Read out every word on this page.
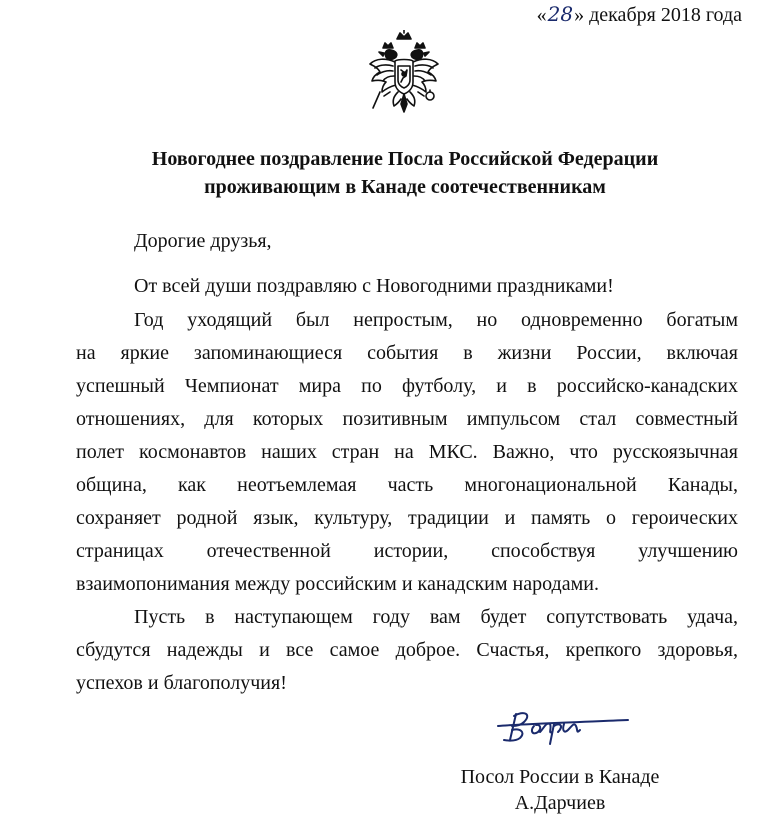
«28» декабря 2018 года
Новогоднее поздравление Посла Российской Федерации
проживающим в Канаде соотечественникам
Дорогие друзья,
От всей души поздравляю с Новогодними праздниками!
Год уходящий был непростым, но одновременно богатым
на яркие запоминающиеся события в жизни России, включая
успешный Чемпионат мира по футболу, и в российско-канадских
отношениях, для которых позитивным импульсом стал совместный
полет космонавтов наших стран на МКС. Важно, что русскоязычная
община, как неотъемлемая часть многонациональной Канады,
сохраняет родной язык, культуру, традиции и память о героических
страницах отечественной истории, способствуя улучшению
взаимопонимания между российским и канадским народами.
Пусть в наступающем году вам будет сопутствовать удача,
сбудутся надежды и все самое доброе. Счастья, крепкого здоровья,
успехов и благополучия!
Посол России в Канаде
А.Дарчиев
